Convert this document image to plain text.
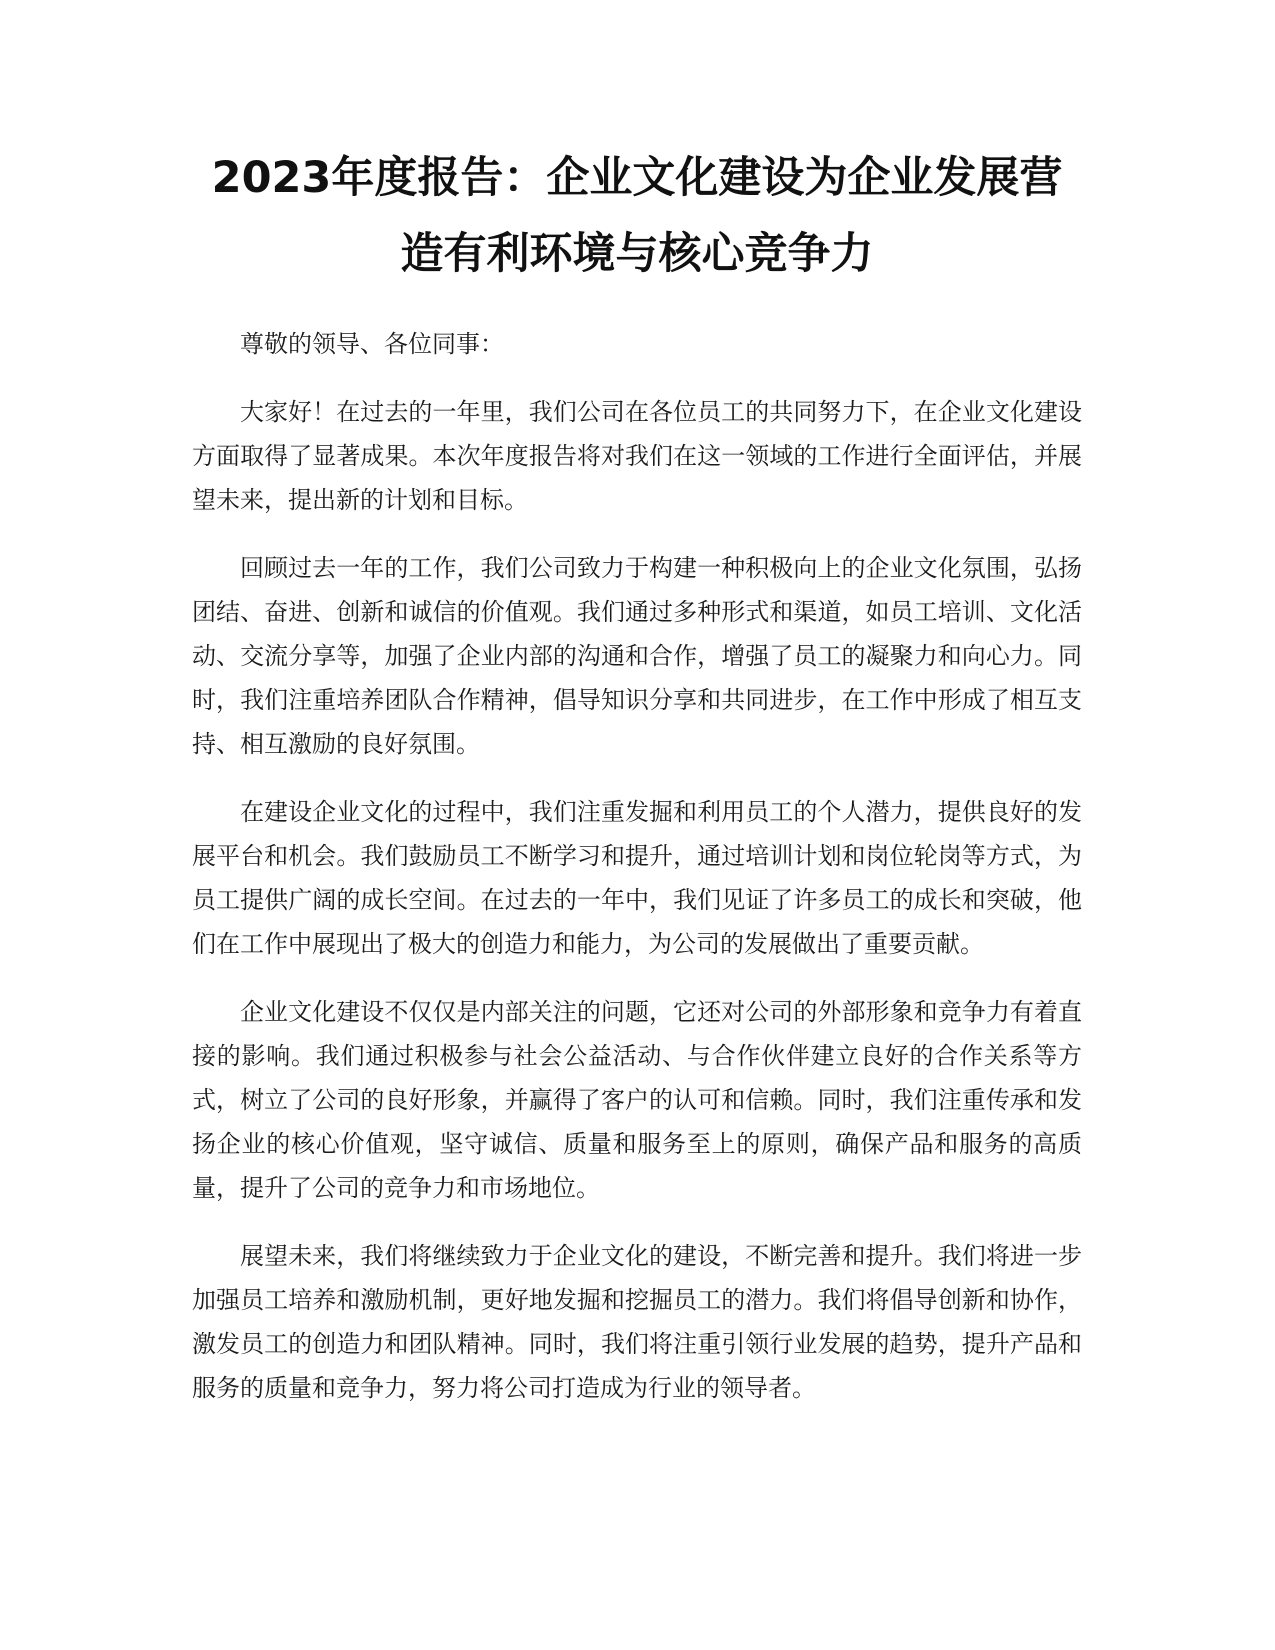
2023年度报告：企业文化建设为企业发展营造有利环境与核心竞争力

尊敬的领导、各位同事：

大家好！在过去的一年里，我们公司在各位员工的共同努力下，在企业文化建设方面取得了显著成果。本次年度报告将对我们在这一领域的工作进行全面评估，并展望未来，提出新的计划和目标。

回顾过去一年的工作，我们公司致力于构建一种积极向上的企业文化氛围，弘扬团结、奋进、创新和诚信的价值观。我们通过多种形式和渠道，如员工培训、文化活动、交流分享等，加强了企业内部的沟通和合作，增强了员工的凝聚力和向心力。同时，我们注重培养团队合作精神，倡导知识分享和共同进步，在工作中形成了相互支持、相互激励的良好氛围。

在建设企业文化的过程中，我们注重发掘和利用员工的个人潜力，提供良好的发展平台和机会。我们鼓励员工不断学习和提升，通过培训计划和岗位轮岗等方式，为员工提供广阔的成长空间。在过去的一年中，我们见证了许多员工的成长和突破，他们在工作中展现出了极大的创造力和能力，为公司的发展做出了重要贡献。

企业文化建设不仅仅是内部关注的问题，它还对公司的外部形象和竞争力有着直接的影响。我们通过积极参与社会公益活动、与合作伙伴建立良好的合作关系等方式，树立了公司的良好形象，并赢得了客户的认可和信赖。同时，我们注重传承和发扬企业的核心价值观，坚守诚信、质量和服务至上的原则，确保产品和服务的高质量，提升了公司的竞争力和市场地位。

展望未来，我们将继续致力于企业文化的建设，不断完善和提升。我们将进一步加强员工培养和激励机制，更好地发掘和挖掘员工的潜力。我们将倡导创新和协作，激发员工的创造力和团队精神。同时，我们将注重引领行业发展的趋势，提升产品和服务的质量和竞争力，努力将公司打造成为行业的领导者。
